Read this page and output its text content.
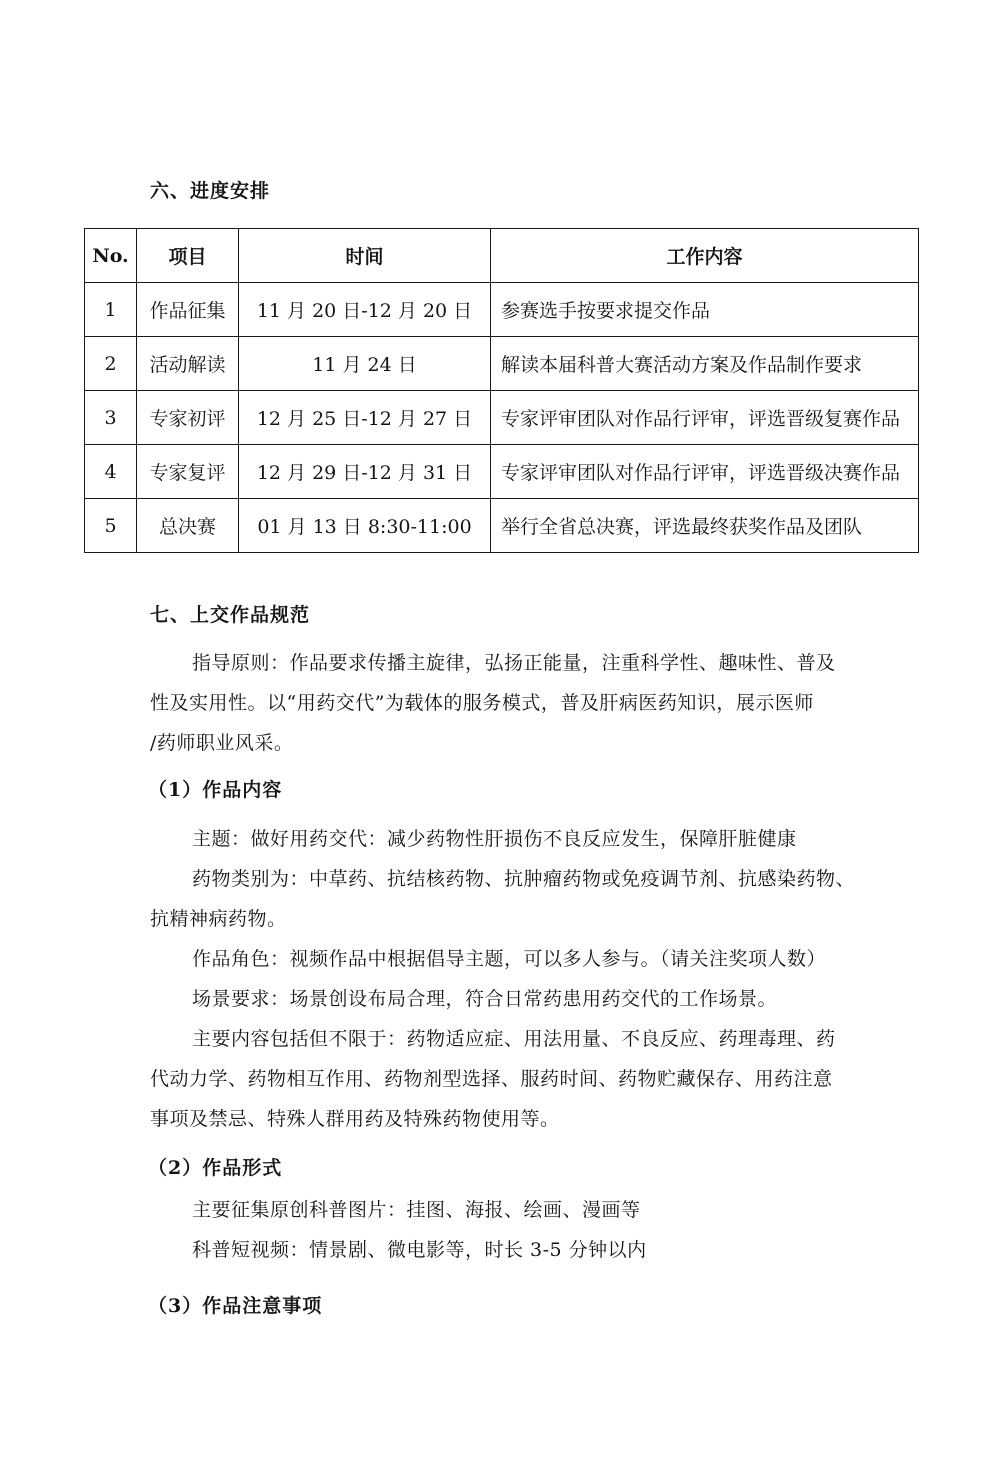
六、进度安排
No.	项目	时间	工作内容
1	作品征集	11 月 20 日-12 月 20 日	参赛选手按要求提交作品
2	活动解读	11 月 24 日	解读本届科普大赛活动方案及作品制作要求
3	专家初评	12 月 25 日-12 月 27 日	专家评审团队对作品行评审，评选晋级复赛作品
4	专家复评	12 月 29 日-12 月 31 日	专家评审团队对作品行评审，评选晋级决赛作品
5	总决赛	01 月 13 日 8:30-11:00	举行全省总决赛，评选最终获奖作品及团队
七、上交作品规范
指导原则：作品要求传播主旋律，弘扬正能量，注重科学性、趣味性、普及
性及实用性。以“用药交代”为载体的服务模式，普及肝病医药知识，展示医师
/药师职业风采。
（1）作品内容
主题：做好用药交代：减少药物性肝损伤不良反应发生，保障肝脏健康
药物类别为：中草药、抗结核药物、抗肿瘤药物或免疫调节剂、抗感染药物、
抗精神病药物。
作品角色：视频作品中根据倡导主题，可以多人参与。（请关注奖项人数）
场景要求：场景创设布局合理，符合日常药患用药交代的工作场景。
主要内容包括但不限于：药物适应症、用法用量、不良反应、药理毒理、药
代动力学、药物相互作用、药物剂型选择、服药时间、药物贮藏保存、用药注意
事项及禁忌、特殊人群用药及特殊药物使用等。
（2）作品形式
主要征集原创科普图片：挂图、海报、绘画、漫画等
科普短视频：情景剧、微电影等，时长 3-5 分钟以内
（3）作品注意事项
